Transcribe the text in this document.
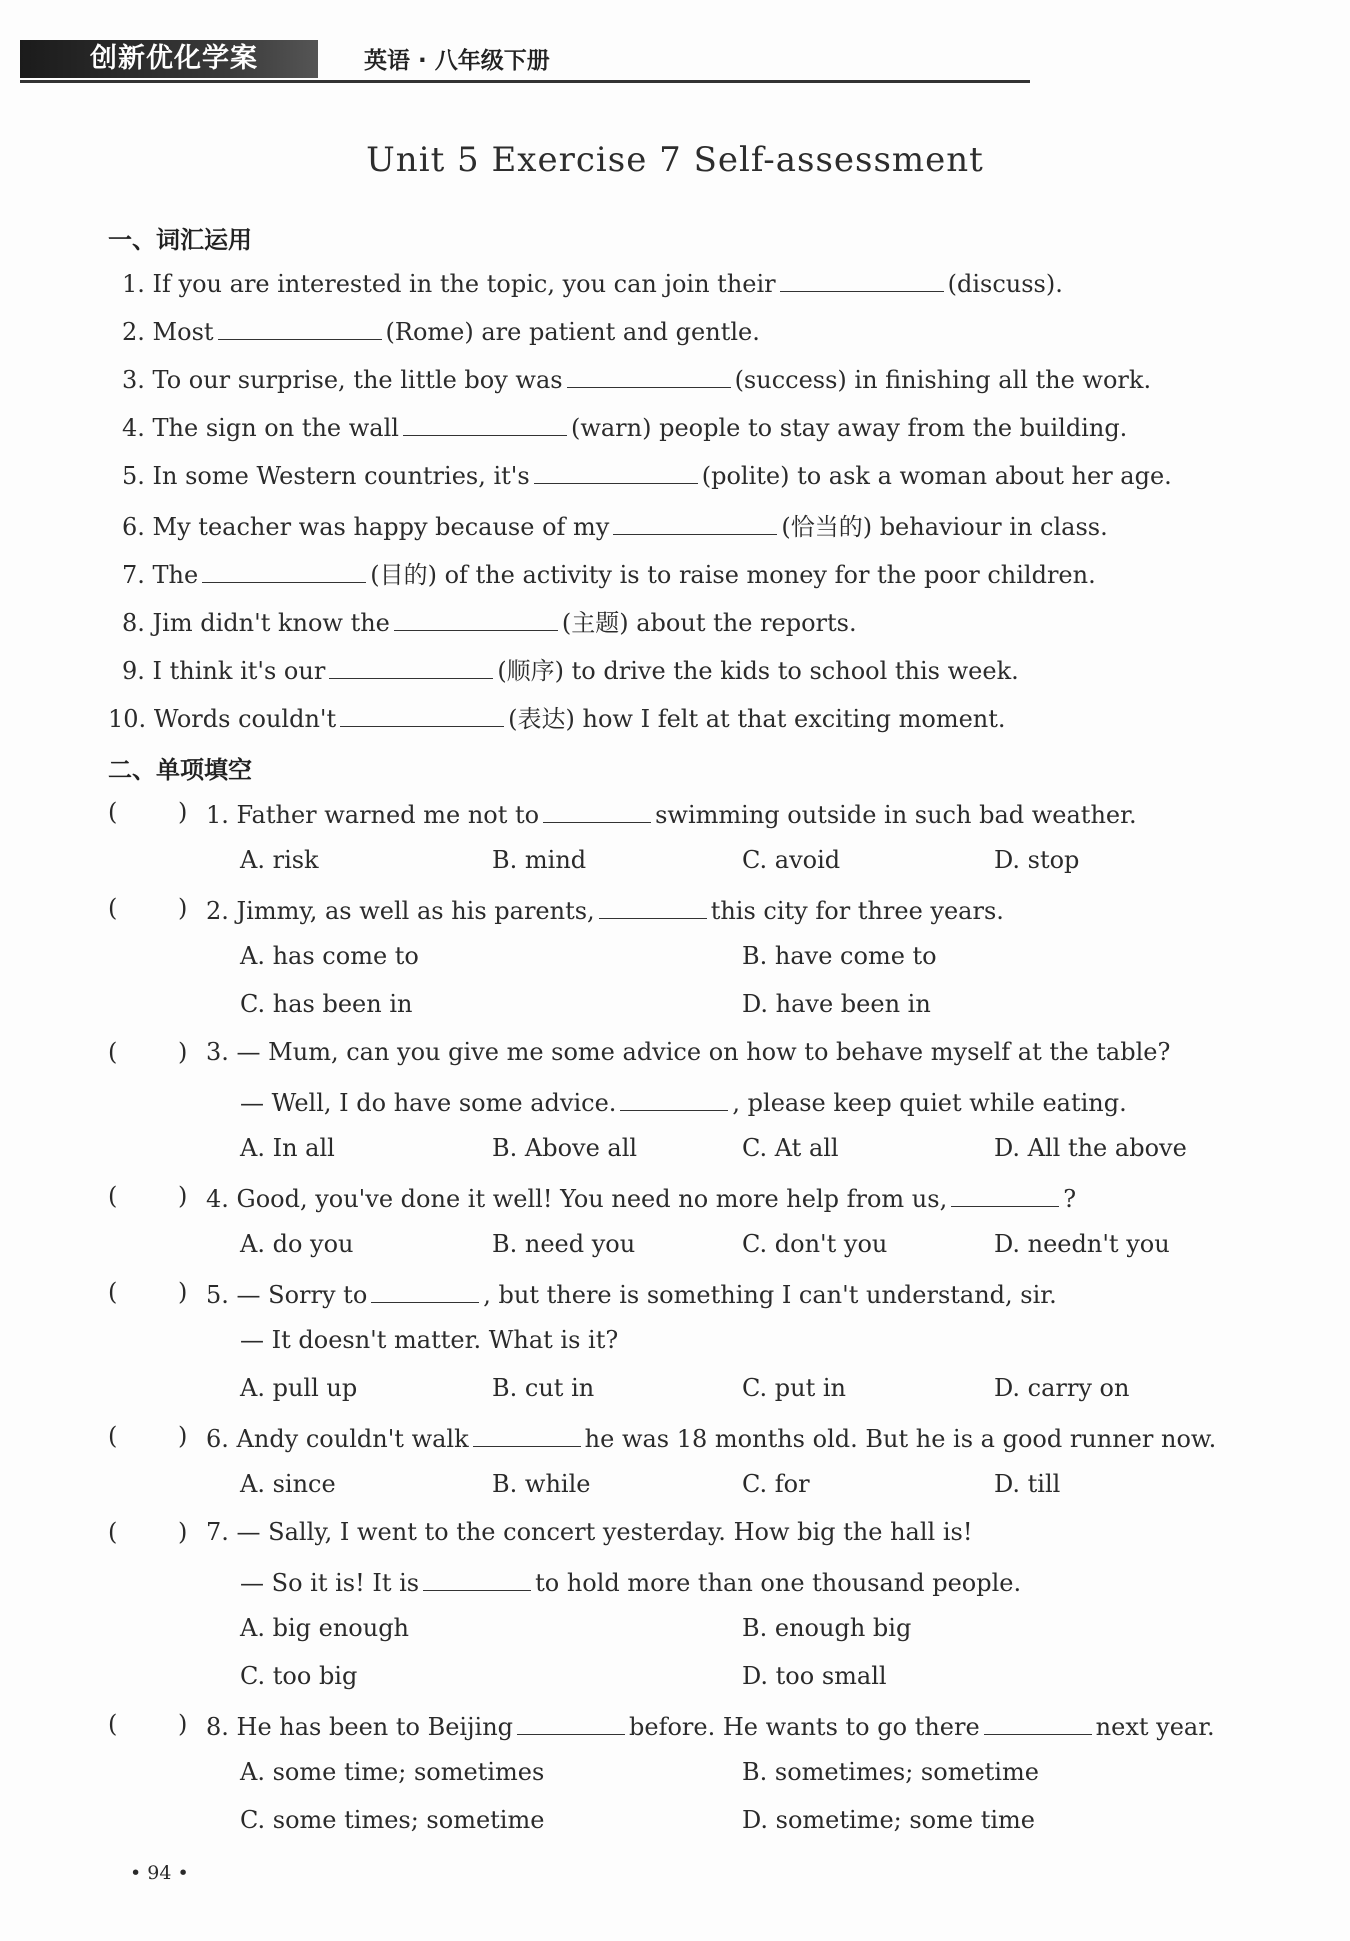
创新优化学案	英语 · 八年级下册
Unit 5 Exercise 7 Self-assessment
一、词汇运用
1. If you are interested in the topic, you can join their	(discuss).
2. Most	(Rome) are patient and gentle.
3. To our surprise, the little boy was	(success) in finishing all the work.
4. The sign on the wall	(warn) people to stay away from the building.
5. In some Western countries, it's	(polite) to ask a woman about her age.
6. My teacher was happy because of my	(恰当的) behaviour in class.
7. The	(目的) of the activity is to raise money for the poor children.
8. Jim didn't know the	(主题) about the reports.
9. I think it's our	(顺序) to drive the kids to school this week.
10. Words couldn't	(表达) how I felt at that exciting moment.
二、单项填空
(	) 1. Father warned me not to	swimming outside in such bad weather.
A. risk	B. mind	C. avoid	D. stop
(	) 2. Jimmy, as well as his parents,	this city for three years.
A. has come to	B. have come to
C. has been in	D. have been in
(	) 3. — Mum, can you give me some advice on how to behave myself at the table?
— Well, I do have some advice.	, please keep quiet while eating.
A. In all	B. Above all	C. At all	D. All the above
(	) 4. Good, you've done it well! You need no more help from us,	?
A. do you	B. need you	C. don't you	D. needn't you
(	) 5. — Sorry to	, but there is something I can't understand, sir.
— It doesn't matter. What is it?
A. pull up	B. cut in	C. put in	D. carry on
(	) 6. Andy couldn't walk	he was 18 months old. But he is a good runner now.
A. since	B. while	C. for	D. till
(	) 7. — Sally, I went to the concert yesterday. How big the hall is!
— So it is! It is	to hold more than one thousand people.
A. big enough	B. enough big
C. too big	D. too small
(	) 8. He has been to Beijing	before. He wants to go there	next year.
A. some time; sometimes	B. sometimes; sometime
C. some times; sometime	D. sometime; some time
• 94 •
